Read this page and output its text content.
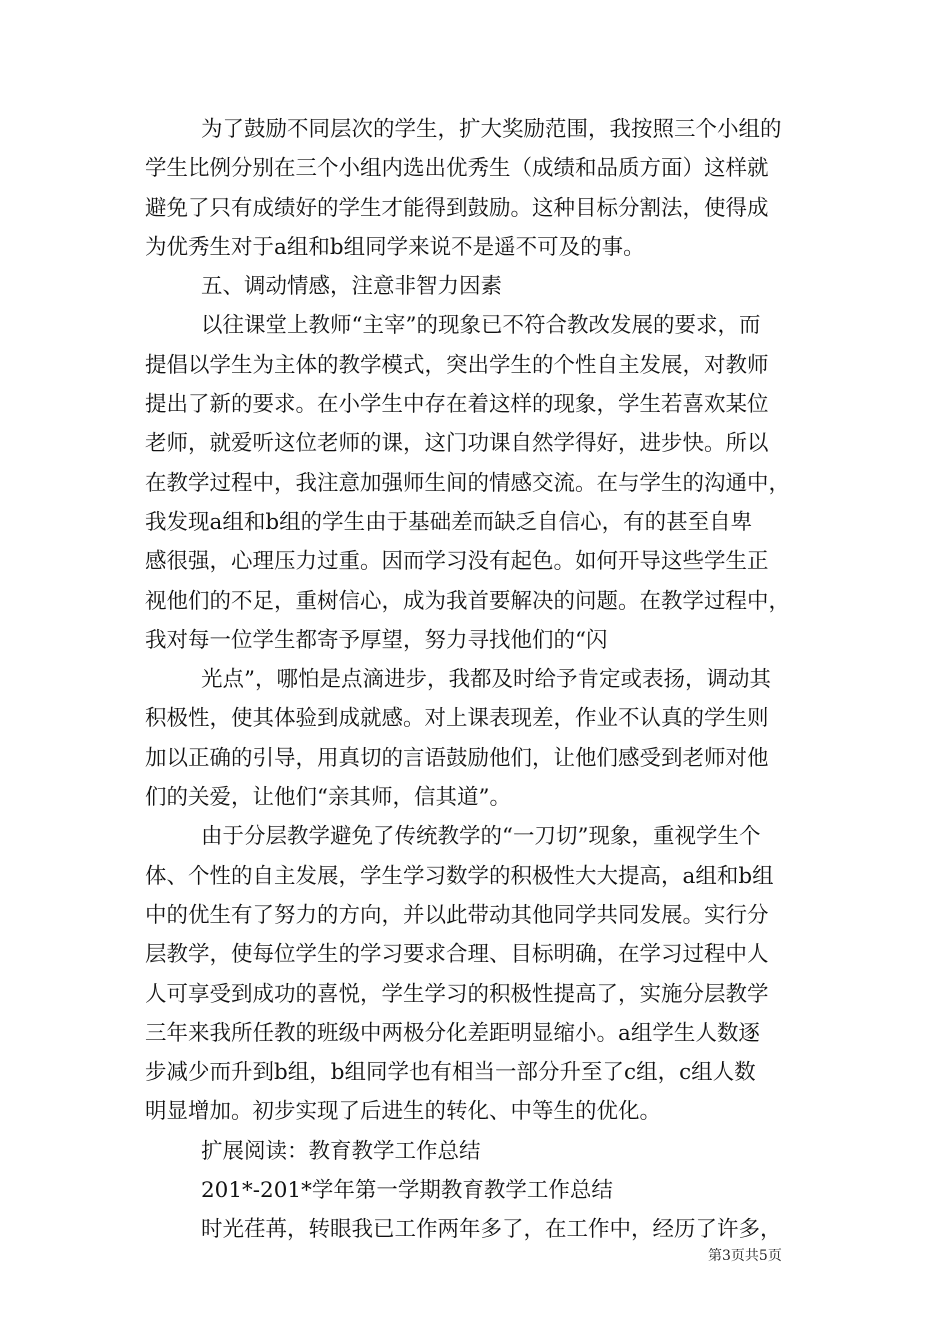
为了鼓励不同层次的学生，扩大奖励范围，我按照三个小组的
学生比例分别在三个小组内选出优秀生（成绩和品质方面）这样就
避免了只有成绩好的学生才能得到鼓励。这种目标分割法，使得成
为优秀生对于a组和b组同学来说不是遥不可及的事。
五、调动情感，注意非智力因素
以往课堂上教师“主宰”的现象已不符合教改发展的要求，而
提倡以学生为主体的教学模式，突出学生的个性自主发展，对教师
提出了新的要求。在小学生中存在着这样的现象，学生若喜欢某位
老师，就爱听这位老师的课，这门功课自然学得好，进步快。所以
在教学过程中，我注意加强师生间的情感交流。在与学生的沟通中，
我发现a组和b组的学生由于基础差而缺乏自信心，有的甚至自卑
感很强，心理压力过重。因而学习没有起色。如何开导这些学生正
视他们的不足，重树信心，成为我首要解决的问题。在教学过程中，
我对每一位学生都寄予厚望，努力寻找他们的“闪
光点”，哪怕是点滴进步，我都及时给予肯定或表扬，调动其
积极性，使其体验到成就感。对上课表现差，作业不认真的学生则
加以正确的引导，用真切的言语鼓励他们，让他们感受到老师对他
们的关爱，让他们“亲其师，信其道”。
由于分层教学避免了传统教学的“一刀切”现象，重视学生个
体、个性的自主发展，学生学习数学的积极性大大提高，a组和b组
中的优生有了努力的方向，并以此带动其他同学共同发展。实行分
层教学，使每位学生的学习要求合理、目标明确，在学习过程中人
人可享受到成功的喜悦，学生学习的积极性提高了，实施分层教学
三年来我所任教的班级中两极分化差距明显缩小。a组学生人数逐
步减少而升到b组，b组同学也有相当一部分升至了c组，c组人数
明显增加。初步实现了后进生的转化、中等生的优化。
扩展阅读：教育教学工作总结
201*-201*学年第一学期教育教学工作总结
时光荏苒，转眼我已工作两年多了，在工作中，经历了许多，
第3页共5页
